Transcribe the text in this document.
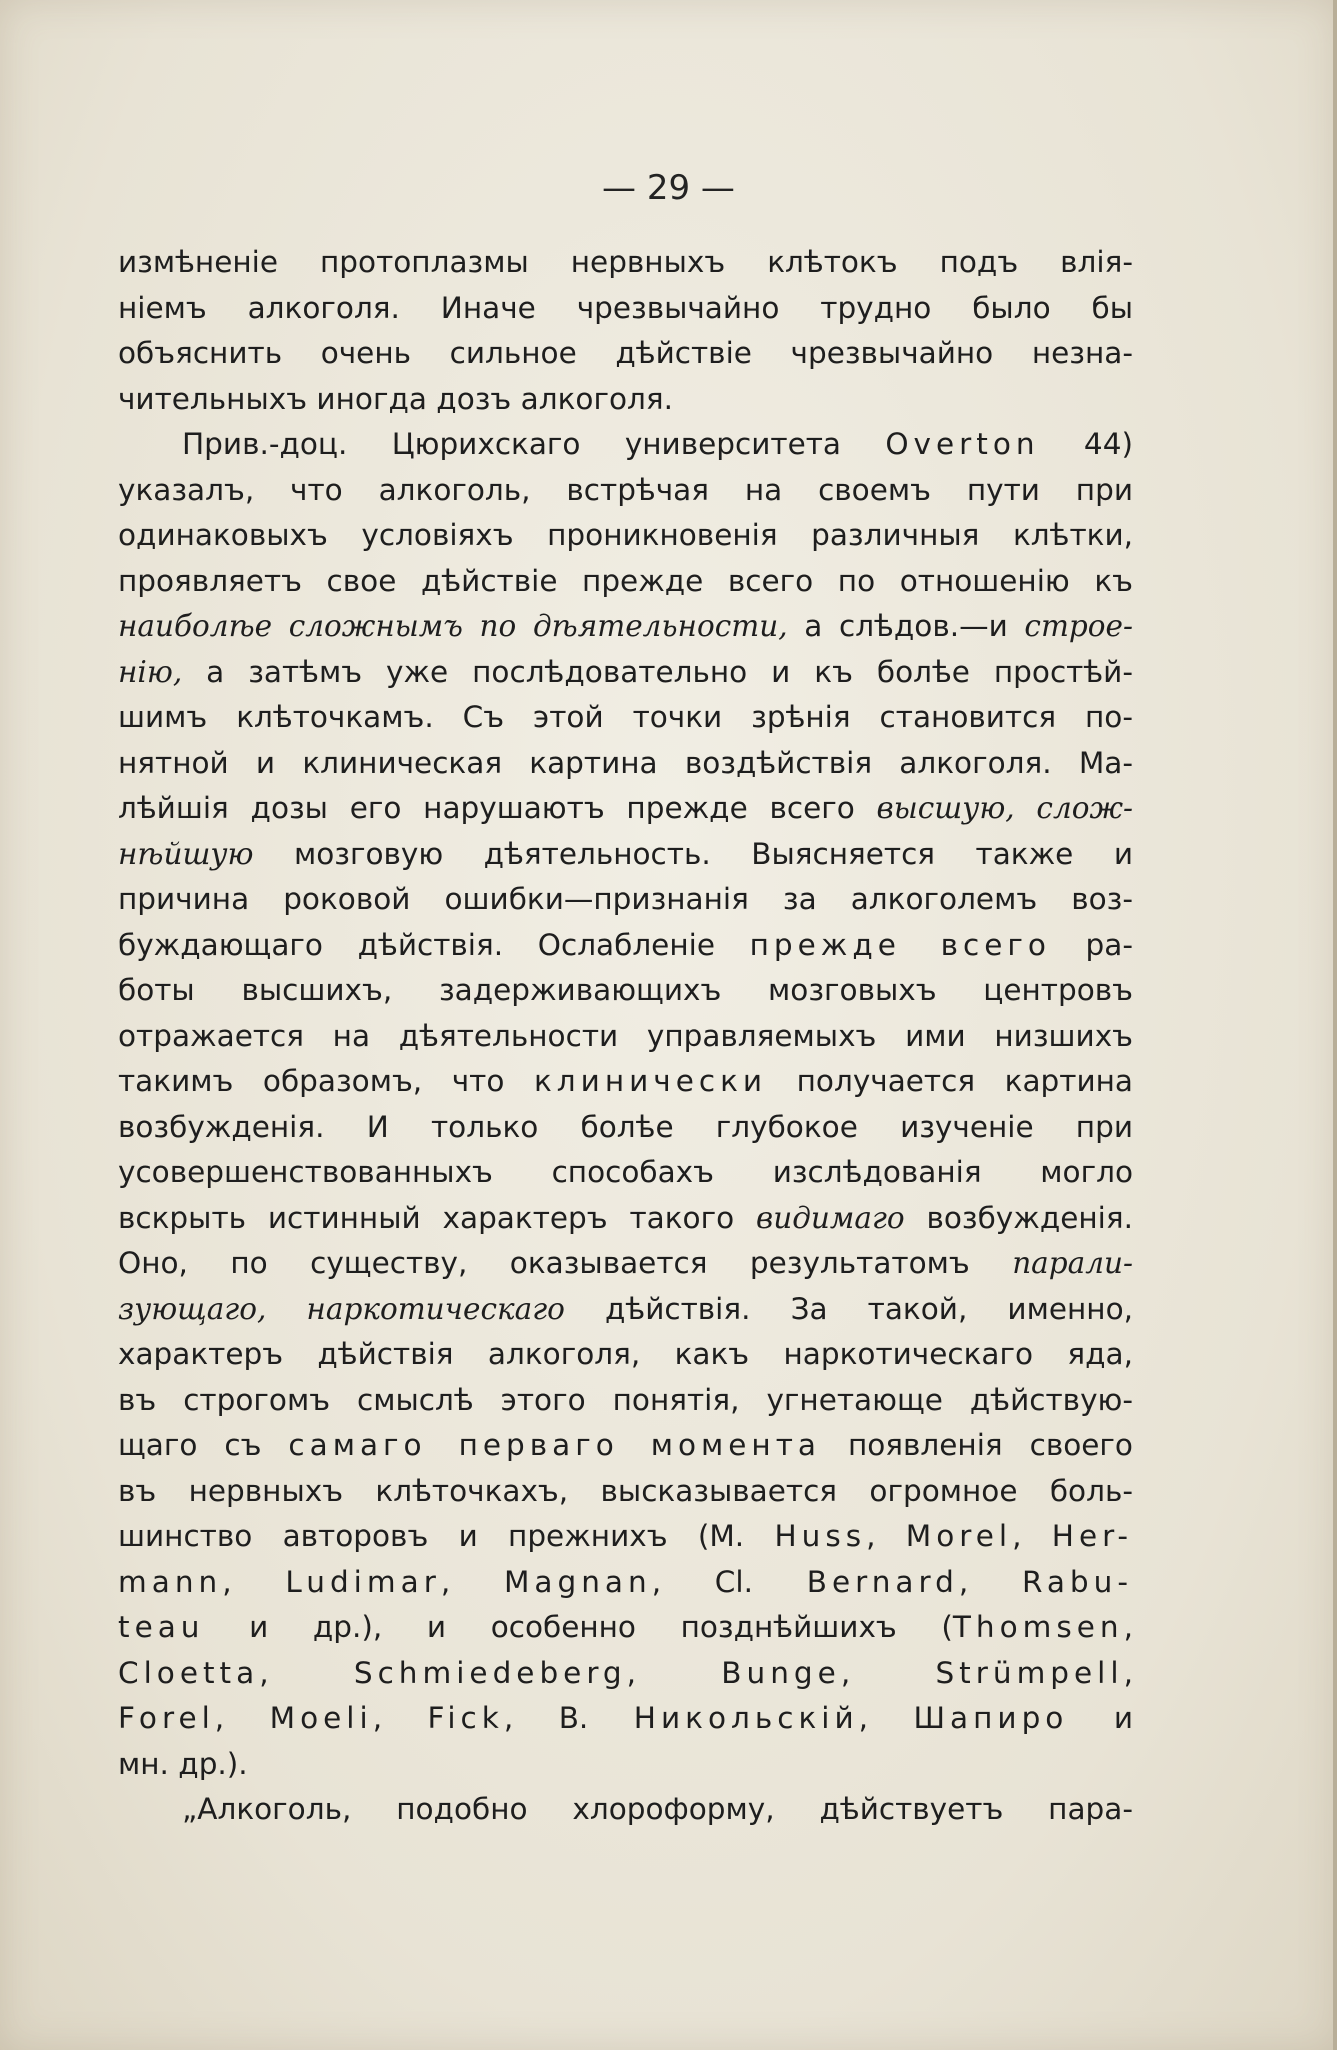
— 29 —
измѣненіе протоплазмы нервныхъ клѣтокъ подъ влія-
ніемъ алкоголя. Иначе чрезвычайно трудно было бы
объяснить очень сильное дѣйствіе чрезвычайно незна-
чительныхъ иногда дозъ алкоголя.
Прив.-доц. Цюрихскаго университета Overton 44)
указалъ, что алкоголь, встрѣчая на своемъ пути при
одинаковыхъ условіяхъ проникновенія различныя клѣтки,
проявляетъ свое дѣйствіе прежде всего по отношенію къ
наиболѣе сложнымъ по дѣятельности, а слѣдов.—и строе-
нію, а затѣмъ уже послѣдовательно и къ болѣе простѣй-
шимъ клѣточкамъ. Съ этой точки зрѣнія становится по-
нятной и клиническая картина воздѣйствія алкоголя. Ма-
лѣйшія дозы его нарушаютъ прежде всего высшую, слож-
нѣйшую мозговую дѣятельность. Выясняется также и
причина роковой ошибки—признанія за алкоголемъ воз-
буждающаго дѣйствія. Ослабленіе прежде всего ра-
боты высшихъ, задерживающихъ мозговыхъ центровъ
отражается на дѣятельности управляемыхъ ими низшихъ
такимъ образомъ, что клинически получается картина
возбужденія. И только болѣе глубокое изученіе при
усовершенствованныхъ способахъ изслѣдованія могло
вскрыть истинный характеръ такого видимаго возбужденія.
Оно, по существу, оказывается результатомъ парали-
зующаго, наркотическаго дѣйствія. За такой, именно,
характеръ дѣйствія алкоголя, какъ наркотическаго яда,
въ строгомъ смыслѣ этого понятія, угнетающе дѣйствую-
щаго съ самаго перваго момента появленія своего
въ нервныхъ клѣточкахъ, высказывается огромное боль-
шинство авторовъ и прежнихъ (M. Huss, Morel, Her-
mann, Ludimar, Magnan, Cl. Bernard, Rabu-
teau и др.), и особенно позднѣйшихъ (Thomsen,
Cloetta, Schmiedeberg, Bunge, Strümpell,
Forel, Moeli, Fick, B. Никольскій, Шапиро и
мн. др.).
„Алкоголь, подобно хлороформу, дѣйствуетъ пара-
